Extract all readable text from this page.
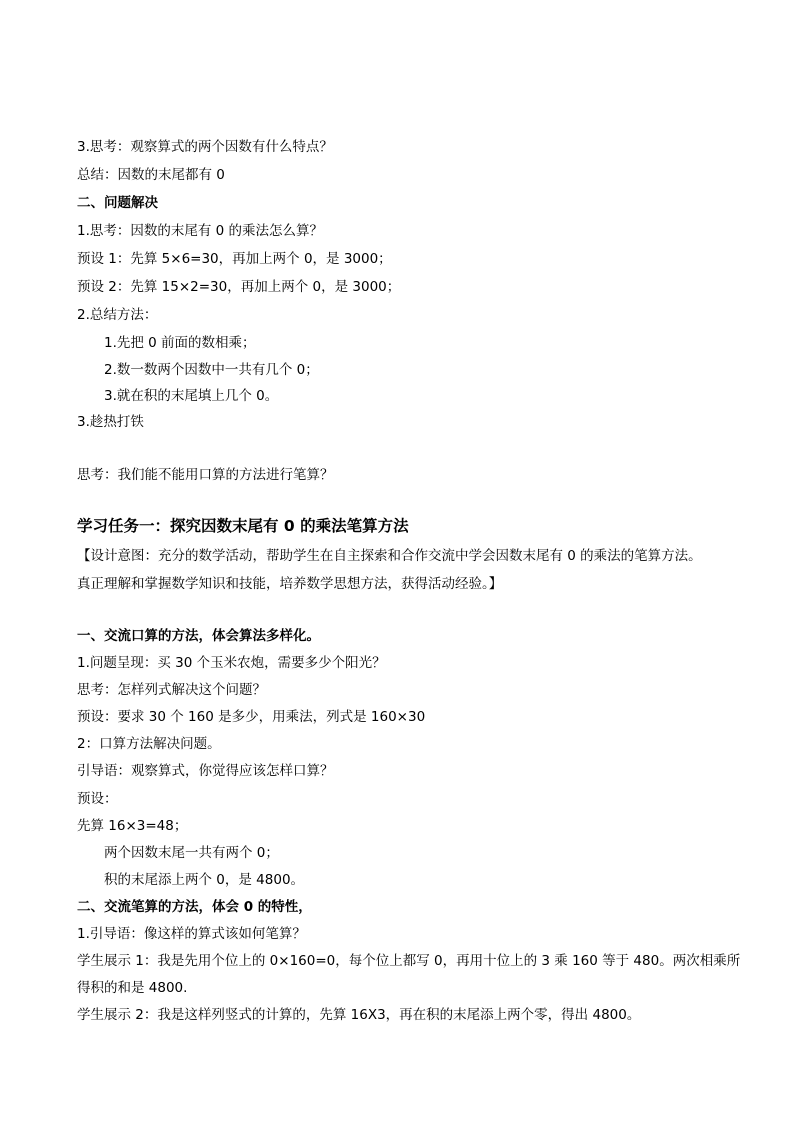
3.思考：观察算式的两个因数有什么特点？
总结：因数的末尾都有 0
二、问题解决
1.思考：因数的末尾有 0 的乘法怎么算？
预设 1：先算 5×6=30，再加上两个 0，是 3000；
预设 2：先算 15×2=30，再加上两个 0，是 3000；
2.总结方法：
1.先把 0 前面的数相乘；
2.数一数两个因数中一共有几个 0；
3.就在积的末尾填上几个 0。
3.趁热打铁
思考：我们能不能用口算的方法进行笔算？
学习任务一：探究因数末尾有 0 的乘法笔算方法
【设计意图：充分的数学活动，帮助学生在自主探索和合作交流中学会因数末尾有 0 的乘法的笔算方法。
真正理解和掌握数学知识和技能，培养数学思想方法，获得活动经验。】
一、交流口算的方法，体会算法多样化。
1.问题呈现：买 30 个玉米农炮，需要多少个阳光？
思考：怎样列式解决这个问题？
预设：要求 30 个 160 是多少，用乘法，列式是 160×30
2：口算方法解决问题。
引导语：观察算式，你觉得应该怎样口算？
预设：
先算 16×3=48；
两个因数末尾一共有两个 0；
积的末尾添上两个 0，是 4800。
二、交流笔算的方法，体会 0 的特性，
1.引导语：像这样的算式该如何笔算？
学生展示 1：我是先用个位上的 0×160=0，每个位上都写 0，再用十位上的 3 乘 160 等于 480。两次相乘所
得积的和是 4800.
学生展示 2：我是这样列竖式的计算的，先算 16X3，再在积的末尾添上两个零，得出 4800。
